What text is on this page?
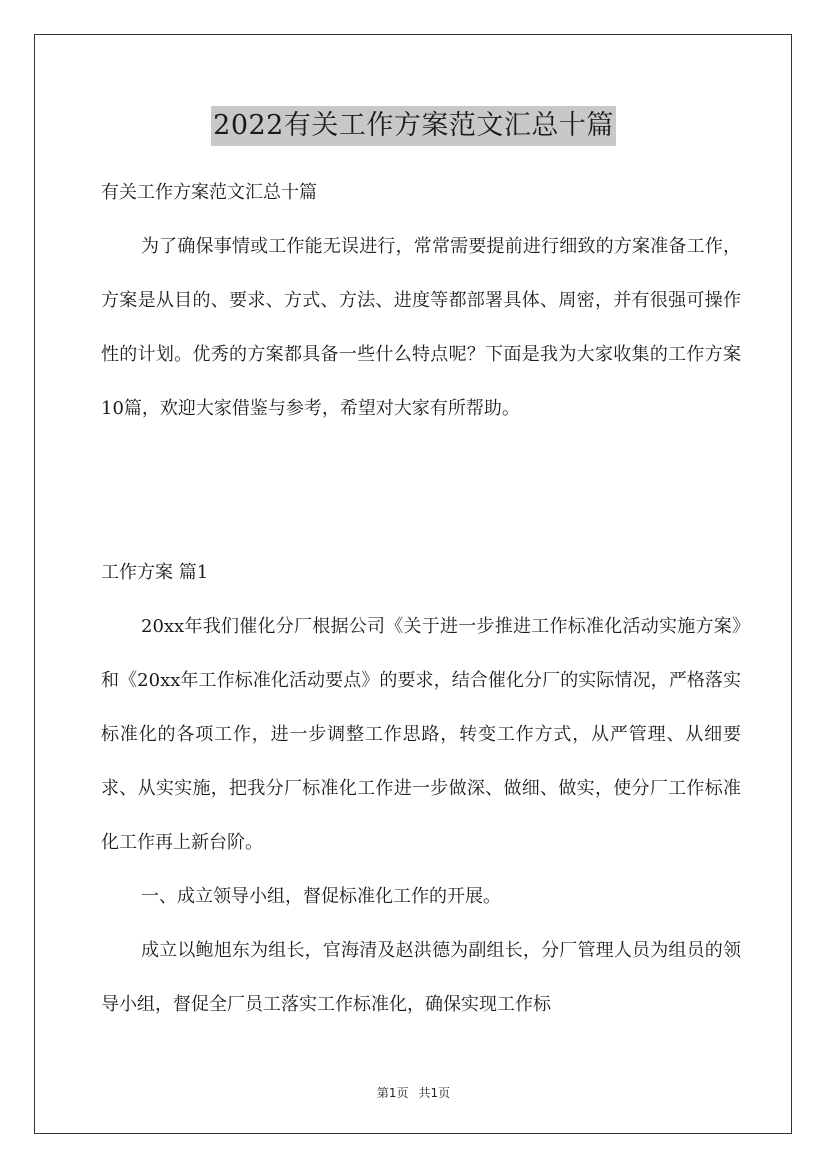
2022有关工作方案范文汇总十篇

有关工作方案范文汇总十篇

为了确保事情或工作能无误进行，常常需要提前进行细致的方案准备工作，方案是从目的、要求、方式、方法、进度等都部署具体、周密，并有很强可操作性的计划。优秀的方案都具备一些什么特点呢？下面是我为大家收集的工作方案10篇，欢迎大家借鉴与参考，希望对大家有所帮助。

工作方案 篇1

20xx年我们催化分厂根据公司《关于进一步推进工作标准化活动实施方案》和《20xx年工作标准化活动要点》的要求，结合催化分厂的实际情况，严格落实标准化的各项工作，进一步调整工作思路，转变工作方式，从严管理、从细要求、从实实施，把我分厂标准化工作进一步做深、做细、做实，使分厂工作标准化工作再上新台阶。

一、成立领导小组，督促标准化工作的开展。

成立以鲍旭东为组长，官海清及赵洪德为副组长，分厂管理人员为组员的领导小组，督促全厂员工落实工作标准化，确保实现工作标

第1页 共1页
